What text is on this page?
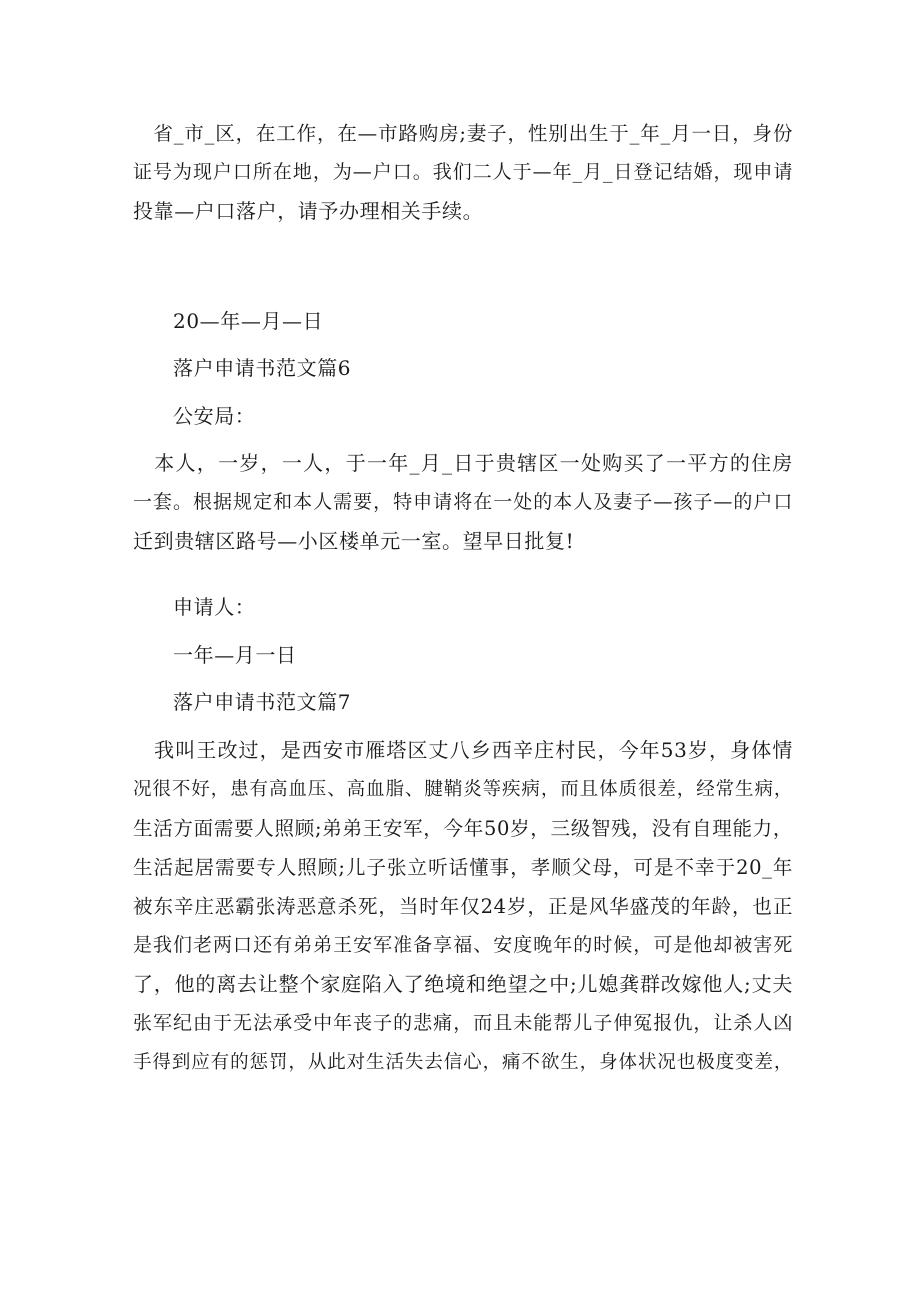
　省_市_区，在工作，在—市路购房;妻子，性别出生于_年_月一日，身份
证号为现户口所在地，为—户口。我们二人于—年_月_日登记结婚，现申请
投靠—户口落户，请予办理相关手续。

20—年—月—日

落户申请书范文篇6

公安局：

　本人，一岁，一人，于一年_月_日于贵辖区一处购买了一平方的住房
一套。根据规定和本人需要，特申请将在一处的本人及妻子—孩子—的户口
迁到贵辖区路号—小区楼单元一室。望早日批复!

申请人：

一年—月一日

落户申请书范文篇7

　我叫王改过，是西安市雁塔区丈八乡西辛庄村民，今年53岁，身体情
况很不好，患有高血压、高血脂、腱鞘炎等疾病，而且体质很差，经常生病，
生活方面需要人照顾;弟弟王安军，今年50岁，三级智残，没有自理能力，
生活起居需要专人照顾;儿子张立听话懂事，孝顺父母，可是不幸于20_年
被东辛庄恶霸张涛恶意杀死，当时年仅24岁，正是风华盛茂的年龄，也正
是我们老两口还有弟弟王安军准备享福、安度晚年的时候，可是他却被害死
了，他的离去让整个家庭陷入了绝境和绝望之中;儿媳龚群改嫁他人;丈夫
张军纪由于无法承受中年丧子的悲痛，而且未能帮儿子伸冤报仇，让杀人凶
手得到应有的惩罚，从此对生活失去信心，痛不欲生，身体状况也极度变差，
